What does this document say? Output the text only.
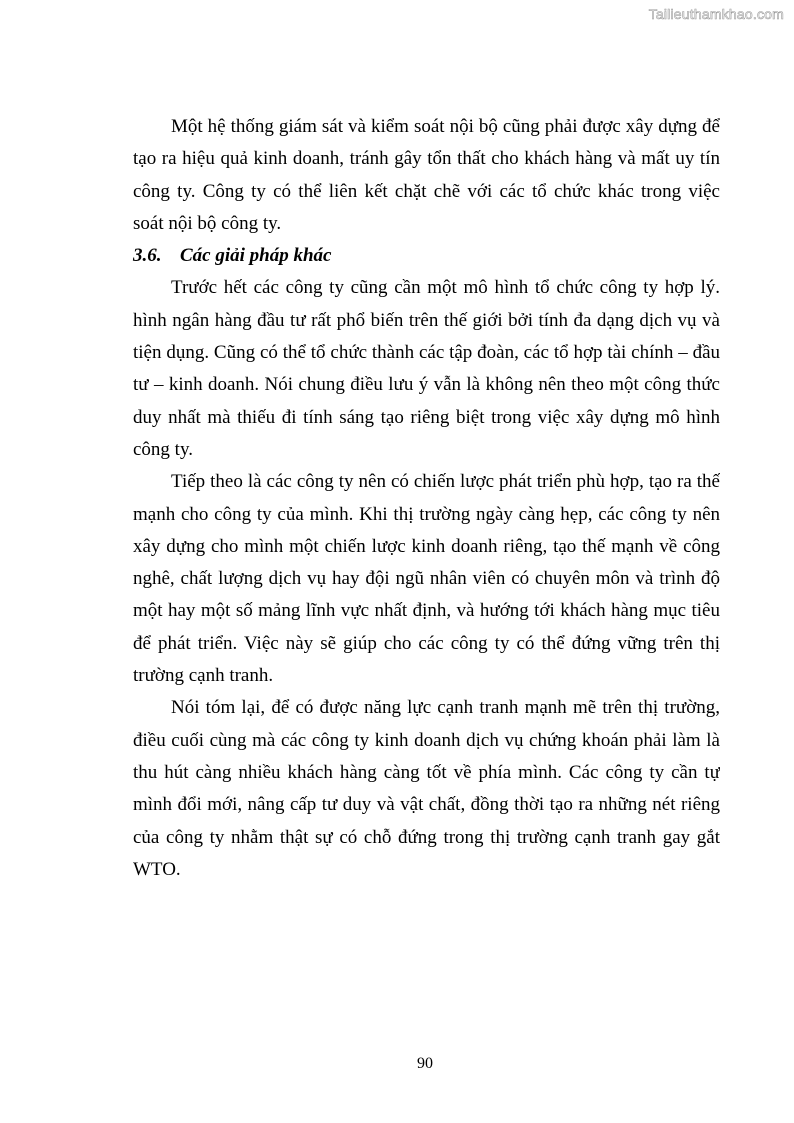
Tailieuthamkhao.com
Một hệ thống giám sát và kiểm soát nội bộ cũng phải được xây dựng để
tạo ra hiệu quả kinh doanh, tránh gây tổn thất cho khách hàng và mất uy tín
công ty. Công ty có thể liên kết chặt chẽ với các tổ chức khác trong việc
soát nội bộ công ty.
3.6. Các giải pháp khác
Trước hết các công ty cũng cần một mô hình tổ chức công ty hợp lý.
hình ngân hàng đầu tư rất phổ biến trên thế giới bởi tính đa dạng dịch vụ và
tiện dụng. Cũng có thể tổ chức thành các tập đoàn, các tổ hợp tài chính – đầu
tư – kinh doanh. Nói chung điều lưu ý vẫn là không nên theo một công thức
duy nhất mà thiếu đi tính sáng tạo riêng biệt trong việc xây dựng mô hình
công ty.
Tiếp theo là các công ty nên có chiến lược phát triển phù hợp, tạo ra thế
mạnh cho công ty của mình. Khi thị trường ngày càng hẹp, các công ty nên
xây dựng cho mình một chiến lược kinh doanh riêng, tạo thế mạnh về công
nghê, chất lượng dịch vụ hay đội ngũ nhân viên có chuyên môn và trình độ
một hay một số mảng lĩnh vực nhất định, và hướng tới khách hàng mục tiêu
để phát triển. Việc này sẽ giúp cho các công ty có thể đứng vững trên thị
trường cạnh tranh.
Nói tóm lại, để có được năng lực cạnh tranh mạnh mẽ trên thị trường,
điều cuối cùng mà các công ty kinh doanh dịch vụ chứng khoán phải làm là
thu hút càng nhiều khách hàng càng tốt về phía mình. Các công ty cần tự
mình đổi mới, nâng cấp tư duy và vật chất, đồng thời tạo ra những nét riêng
của công ty nhằm thật sự có chỗ đứng trong thị trường cạnh tranh gay gắt
WTO.
90
